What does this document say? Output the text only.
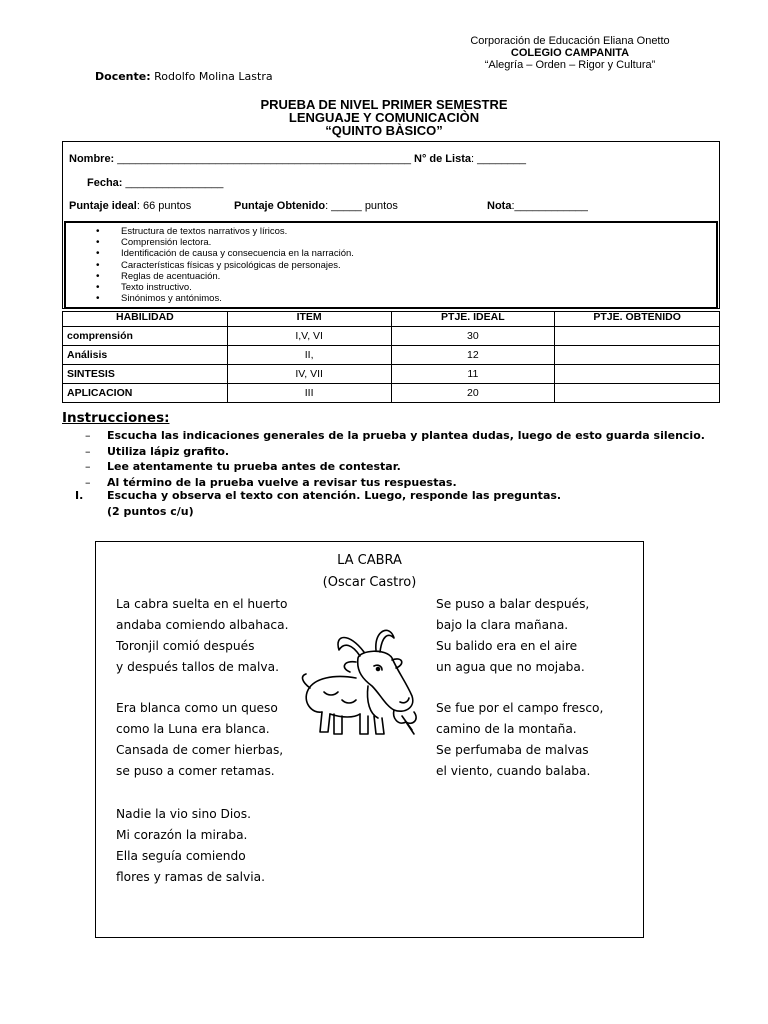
Corporación de Educación Eliana Onetto
COLEGIO CAMPANITA
“Alegría – Orden – Rigor y Cultura”
Docente: Rodolfo Molina Lastra
PRUEBA DE NIVEL PRIMER SEMESTRE
LENGUAJE Y COMUNICACIÒN
“QUINTO BÀSICO”
Nombre: ________________________________________________ N° de Lista: ________
Fecha: ________________
Puntaje ideal: 66 puntos	Puntaje Obtenido: _____ puntos	Nota:____________
• Estructura de textos narrativos y líricos.
• Comprensión lectora.
• Identificación de causa y consecuencia en la narración.
• Características físicas y psicológicas de personajes.
• Reglas de acentuación.
• Texto instructivo.
• Sinónimos y antónimos.
HABILIDAD	ITEM	PTJE. IDEAL	PTJE. OBTENIDO
comprensión	I,V, VI	30	
Análisis	II,	12	
SINTESIS	IV, VII	11	
APLICACION	III	20	
Instrucciones:
– Escucha las indicaciones generales de la prueba y plantea dudas, luego de esto guarda silencio.
– Utiliza lápiz grafito.
– Lee atentamente tu prueba antes de contestar.
– Al término de la prueba vuelve a revisar tus respuestas.
I. Escucha y observa el texto con atención. Luego, responde las preguntas.
(2 puntos c/u)
LA CABRA
(Oscar Castro)
La cabra suelta en el huerto
andaba comiendo albahaca.
Toronjil comió después
y después tallos de malva.
Era blanca como un queso
como la Luna era blanca.
Cansada de comer hierbas,
se puso a comer retamas.
Nadie la vio sino Dios.
Mi corazón la miraba.
Ella seguía comiendo
flores y ramas de salvia.
Se puso a balar después,
bajo la clara mañana.
Su balido era en el aire
un agua que no mojaba.
Se fue por el campo fresco,
camino de la montaña.
Se perfumaba de malvas
el viento, cuando balaba.
